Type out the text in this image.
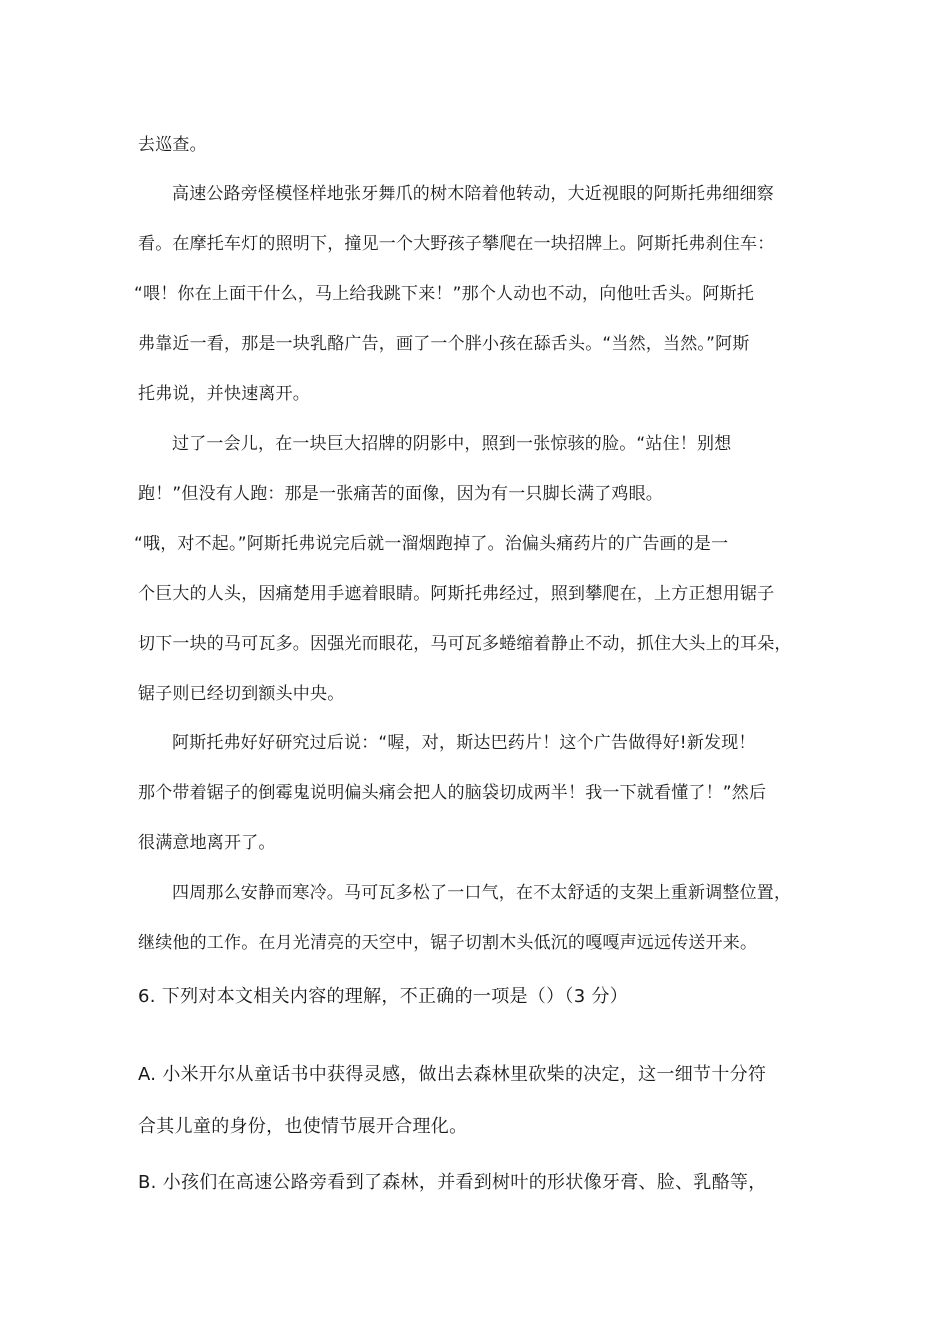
去巡查。
高速公路旁怪模怪样地张牙舞爪的树木陪着他转动，大近视眼的阿斯托弗细细察
看。在摩托车灯的照明下，撞见一个大野孩子攀爬在一块招牌上。阿斯托弗刹住车：
“喂！你在上面干什么，马上给我跳下来！”那个人动也不动，向他吐舌头。阿斯托
弗靠近一看，那是一块乳酪广告，画了一个胖小孩在舔舌头。“当然，当然。”阿斯
托弗说，并快速离开。
过了一会儿，在一块巨大招牌的阴影中，照到一张惊骇的脸。“站住！别想
跑！”但没有人跑：那是一张痛苦的面像，因为有一只脚长满了鸡眼。
“哦，对不起。”阿斯托弗说完后就一溜烟跑掉了。治偏头痛药片的广告画的是一
个巨大的人头，因痛楚用手遮着眼睛。阿斯托弗经过，照到攀爬在，上方正想用锯子
切下一块的马可瓦多。因强光而眼花，马可瓦多蜷缩着静止不动，抓住大头上的耳朵，
锯子则已经切到额头中央。
阿斯托弗好好研究过后说：“喔，对，斯达巴药片！这个广告做得好!新发现！
那个带着锯子的倒霉鬼说明偏头痛会把人的脑袋切成两半！我一下就看懂了！”然后
很满意地离开了。
四周那么安静而寒冷。马可瓦多松了一口气，在不太舒适的支架上重新调整位置，
继续他的工作。在月光清亮的天空中，锯子切割木头低沉的嘎嘎声远远传送开来。
6. 下列对本文相关内容的理解，不正确的一项是（）（3 分）
A. 小米开尔从童话书中获得灵感，做出去森林里砍柴的决定，这一细节十分符
合其儿童的身份，也使情节展开合理化。
B. 小孩们在高速公路旁看到了森林，并看到树叶的形状像牙膏、脸、乳酪等，
